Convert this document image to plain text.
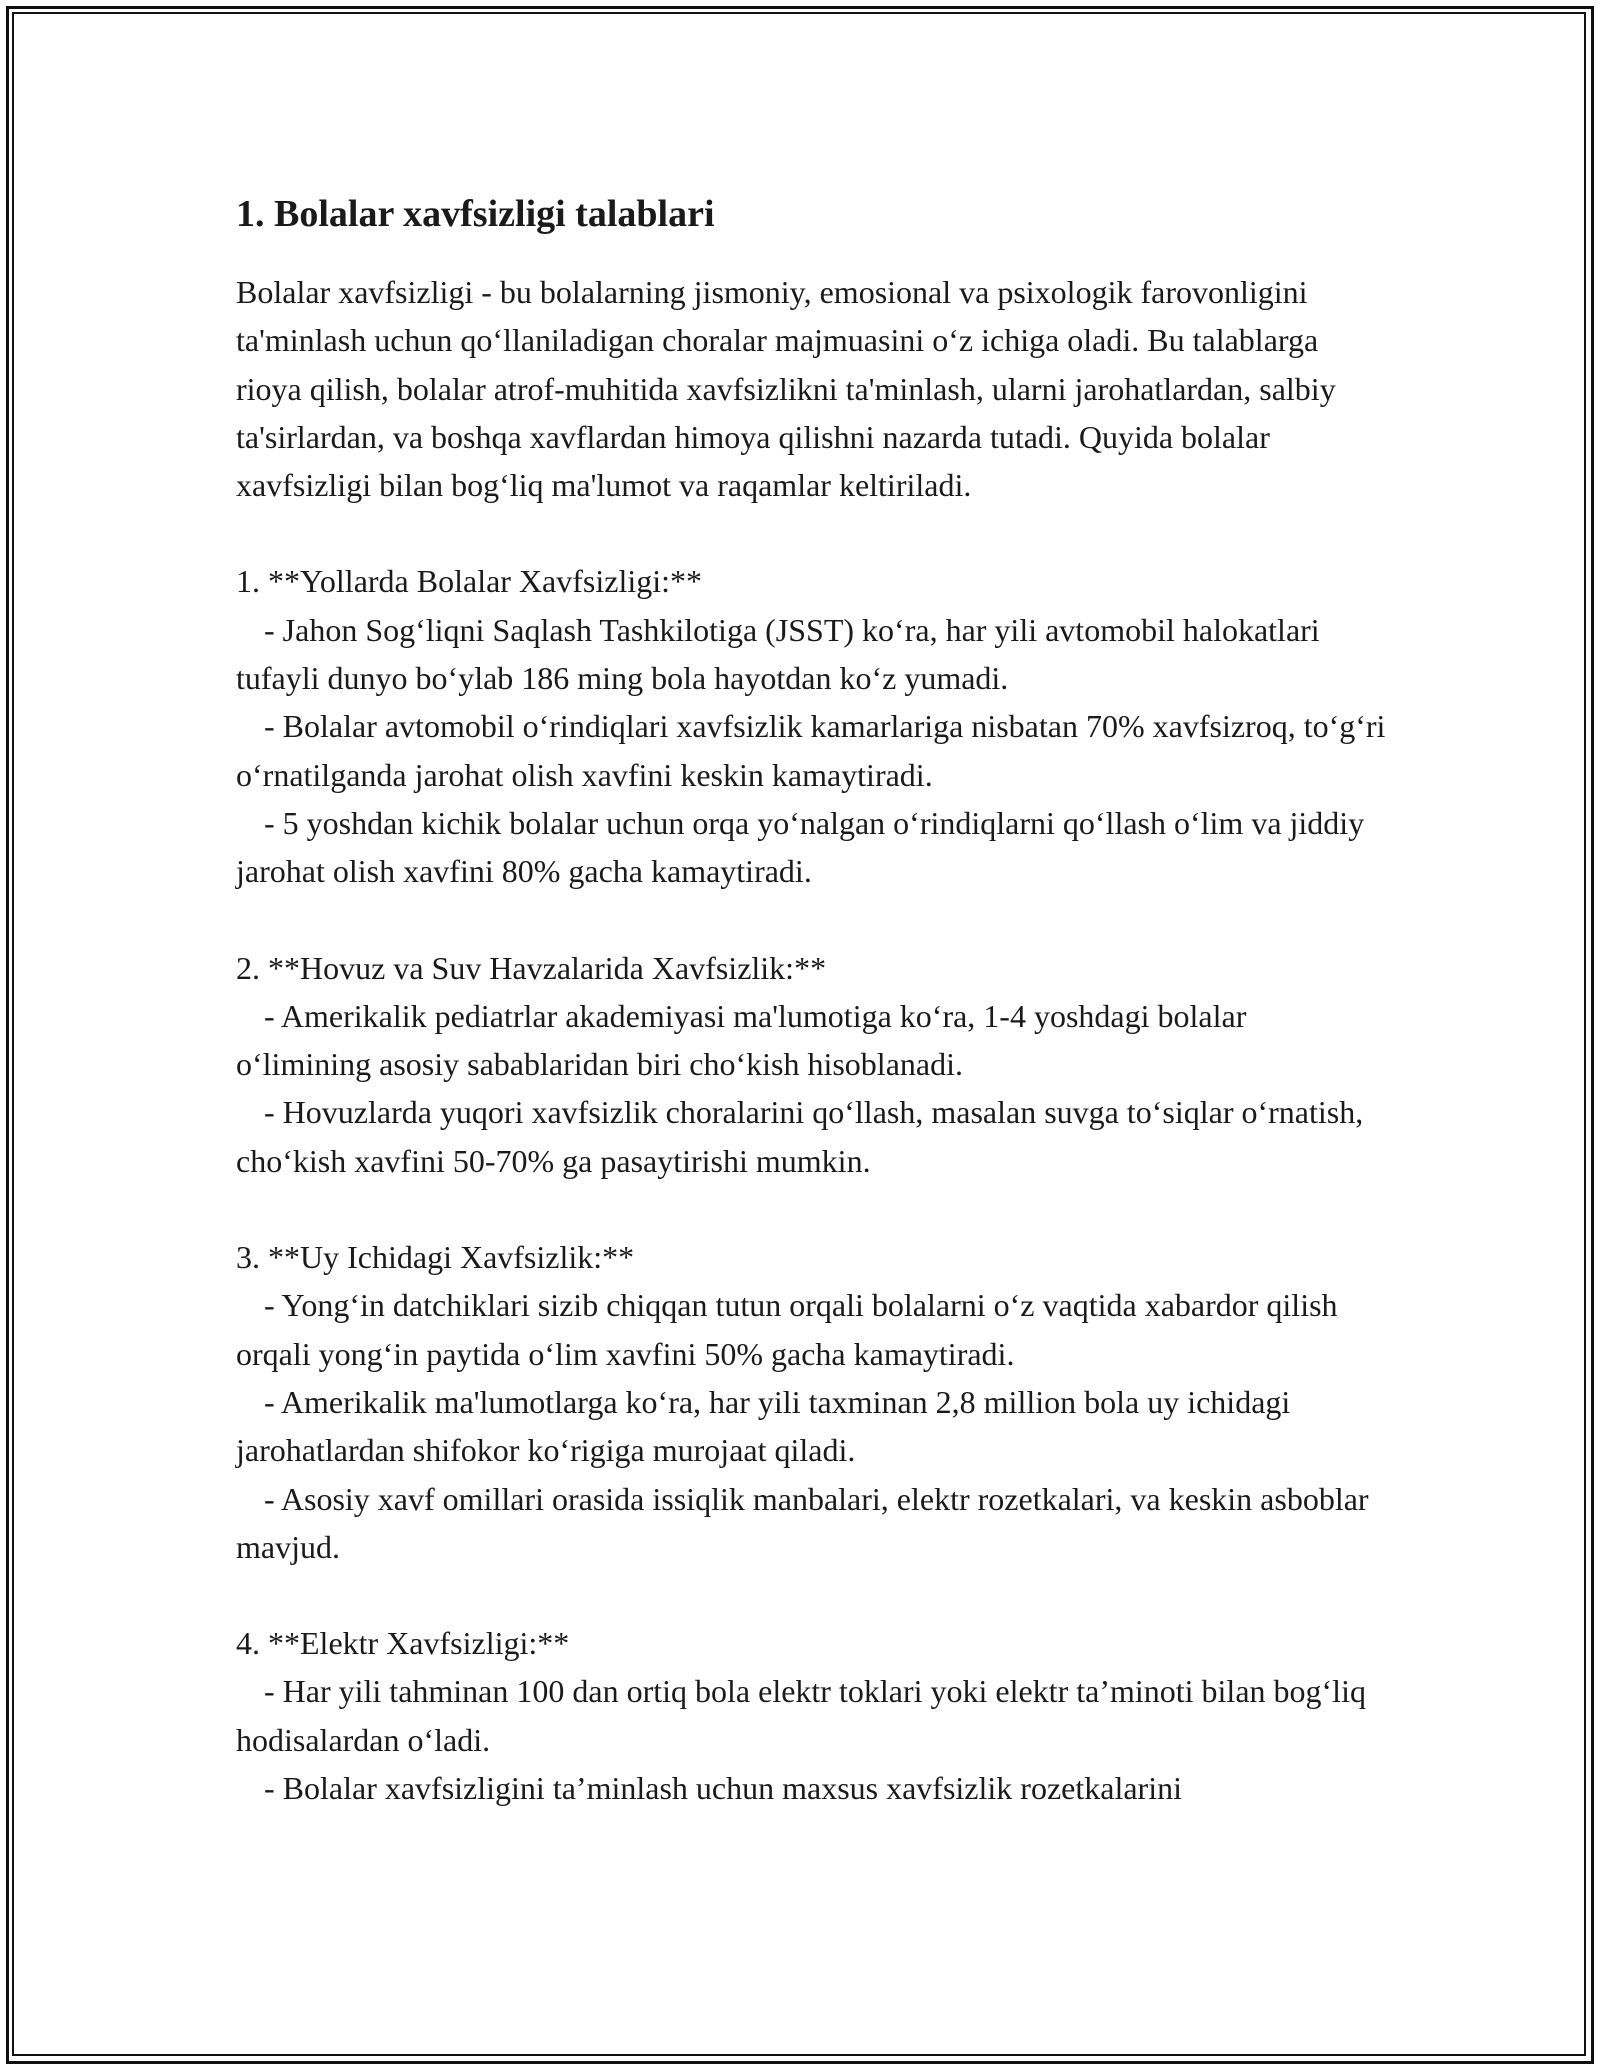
1. Bolalar xavfsizligi talablari
Bolalar xavfsizligi - bu bolalarning jismoniy, emosional va psixologik farovonligini ta'minlash uchun qo‘llaniladigan choralar majmuasini o‘z ichiga oladi. Bu talablarga rioya qilish, bolalar atrof-muhitida xavfsizlikni ta'minlash, ularni jarohatlardan, salbiy ta'sirlardan, va boshqa xavflardan himoya qilishni nazarda tutadi. Quyida bolalar xavfsizligi bilan bog‘liq ma'lumot va raqamlar keltiriladi.
1. **Yollarda Bolalar Xavfsizligi:**
- Jahon Sog‘liqni Saqlash Tashkilotiga (JSST) ko‘ra, har yili avtomobil halokatlari tufayli dunyo bo‘ylab 186 ming bola hayotdan ko‘z yumadi.
- Bolalar avtomobil o‘rindiqlari xavfsizlik kamarlariga nisbatan 70% xavfsizroq, to‘g‘ri o‘rnatilganda jarohat olish xavfini keskin kamaytiradi.
- 5 yoshdan kichik bolalar uchun orqa yo‘nalgan o‘rindiqlarni qo‘llash o‘lim va jiddiy jarohat olish xavfini 80% gacha kamaytiradi.
2. **Hovuz va Suv Havzalarida Xavfsizlik:**
- Amerikalik pediatrlar akademiyasi ma'lumotiga ko‘ra, 1-4 yoshdagi bolalar o‘limining asosiy sabablaridan biri cho‘kish hisoblanadi.
- Hovuzlarda yuqori xavfsizlik choralarini qo‘llash, masalan suvga to‘siqlar o‘rnatish, cho‘kish xavfini 50-70% ga pasaytirishi mumkin.
3. **Uy Ichidagi Xavfsizlik:**
- Yong‘in datchiklari sizib chiqqan tutun orqali bolalarni o‘z vaqtida xabardor qilish orqali yong‘in paytida o‘lim xavfini 50% gacha kamaytiradi.
- Amerikalik ma'lumotlarga ko‘ra, har yili taxminan 2,8 million bola uy ichidagi jarohatlardan shifokor ko‘rigiga murojaat qiladi.
- Asosiy xavf omillari orasida issiqlik manbalari, elektr rozetkalari, va keskin asboblar mavjud.
4. **Elektr Xavfsizligi:**
- Har yili tahminan 100 dan ortiq bola elektr toklari yoki elektr ta’minoti bilan bog‘liq hodisalardan o‘ladi.
- Bolalar xavfsizligini ta’minlash uchun maxsus xavfsizlik rozetkalarini
